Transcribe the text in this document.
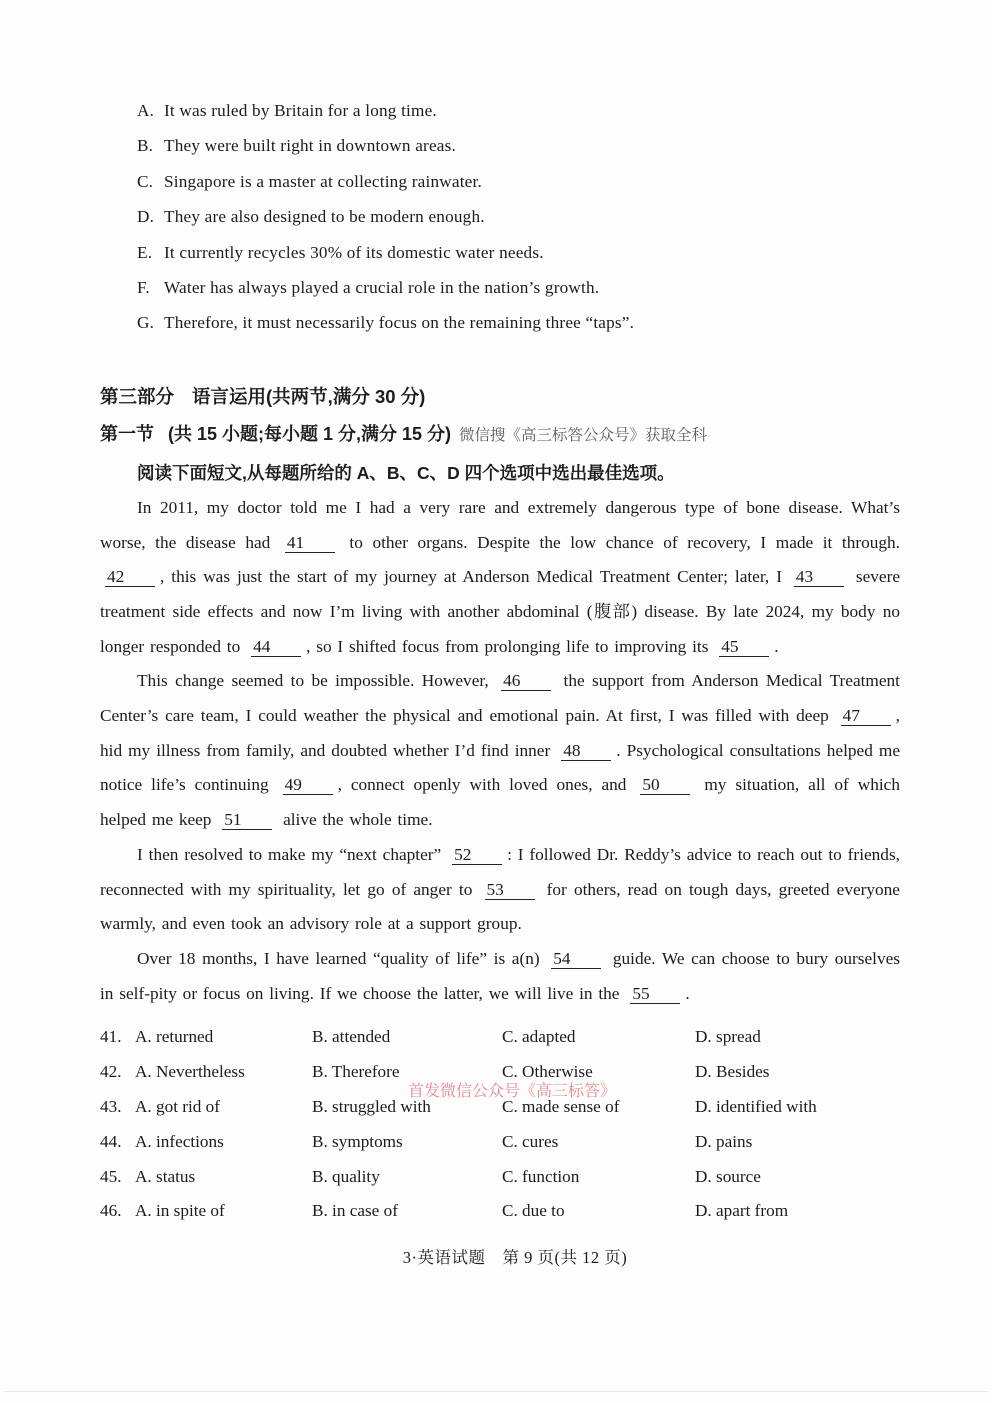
首发微信公众号《高三标答》
A. It was ruled by Britain for a long time.
B. They were built right in downtown areas.
C. Singapore is a master at collecting rainwater.
D. They are also designed to be modern enough.
E. It currently recycles 30% of its domestic water needs.
F. Water has always played a crucial role in the nation’s growth.
G. Therefore, it must necessarily focus on the remaining three “taps”.
第三部分 语言运用(共两节,满分 30 分)
第一节 (共 15 小题;每小题 1 分,满分 15 分) 微信搜《高三标答公众号》获取全科
阅读下面短文,从每题所给的 A、B、C、D 四个选项中选出最佳选项。

In 2011, my doctor told me I had a very rare and extremely dangerous type of bone disease. What’s worse, the disease had 41 to other organs. Despite the low chance of recovery, I made it through. 42 , this was just the start of my journey at Anderson Medical Treatment Center; later, I 43 severe treatment side effects and now I’m living with another abdominal (腹部) disease. By late 2024, my body no longer responded to 44 , so I shifted focus from prolonging life to improving its 45 .

This change seemed to be impossible. However, 46 the support from Anderson Medical Treatment Center’s care team, I could weather the physical and emotional pain. At first, I was filled with deep 47 , hid my illness from family, and doubted whether I’d find inner 48 . Psychological consultations helped me notice life’s continuing 49 , connect openly with loved ones, and 50 my situation, all of which helped me keep 51 alive the whole time.

I then resolved to make my “next chapter” 52 : I followed Dr. Reddy’s advice to reach out to friends, reconnected with my spirituality, let go of anger to 53 for others, read on tough days, greeted everyone warmly, and even took an advisory role at a support group.

Over 18 months, I have learned “quality of life” is a(n) 54 guide. We can choose to bury ourselves in self-pity or focus on living. If we choose the latter, we will live in the 55 .

41. A. returned	B. attended	C. adapted	D. spread
42. A. Nevertheless	B. Therefore	C. Otherwise	D. Besides
43. A. got rid of	B. struggled with	C. made sense of	D. identified with
44. A. infections	B. symptoms	C. cures	D. pains
45. A. status	B. quality	C. function	D. source
46. A. in spite of	B. in case of	C. due to	D. apart from
3·英语试题　第 9 页(共 12 页)
